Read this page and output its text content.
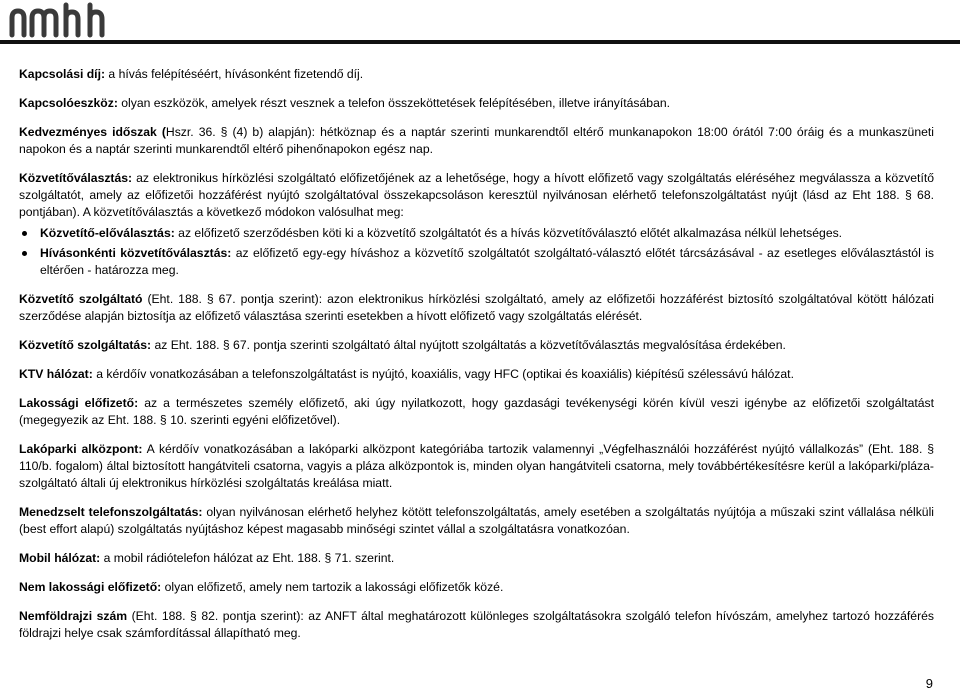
nmhh

Kapcsolási díj: a hívás felépítéséért, hívásonként fizetendő díj.

Kapcsolóeszköz: olyan eszközök, amelyek részt vesznek a telefon összeköttetések felépítésében, illetve irányításában.

Kedvezményes időszak (Hszr. 36. § (4) b) alapján): hétköznap és a naptár szerinti munkarendtől eltérő munkanapokon 18:00 órától 7:00 óráig és a munkaszüneti napokon és a naptár szerinti munkarendtől eltérő pihenőnapokon egész nap.

Közvetítőválasztás: az elektronikus hírközlési szolgáltató előfizetőjének az a lehetősége, hogy a hívott előfizető vagy szolgáltatás eléréséhez megválassza a közvetítő szolgáltatót, amely az előfizetői hozzáférést nyújtó szolgáltatóval összekapcsoláson keresztül nyilvánosan elérhető telefonszolgáltatást nyújt (lásd az Eht 188. § 68. pontjában). A közvetítőválasztás a következő módokon valósulhat meg:

Közvetítő-előválasztás: az előfizető szerződésben köti ki a közvetítő szolgáltatót és a hívás közvetítőválasztó előtét alkalmazása nélkül lehetséges.
Hívásonkénti közvetítőválasztás: az előfizető egy-egy híváshoz a közvetítő szolgáltatót szolgáltató-választó előtét tárcsázásával - az esetleges előválasztástól is eltérően - határozza meg.

Közvetítő szolgáltató (Eht. 188. § 67. pontja szerint): azon elektronikus hírközlési szolgáltató, amely az előfizetői hozzáférést biztosító szolgáltatóval kötött hálózati szerződése alapján biztosítja az előfizető választása szerinti esetekben a hívott előfizető vagy szolgáltatás elérését.

Közvetítő szolgáltatás: az Eht. 188. § 67. pontja szerinti szolgáltató által nyújtott szolgáltatás a közvetítőválasztás megvalósítása érdekében.

KTV hálózat: a kérdőív vonatkozásában a telefonszolgáltatást is nyújtó, koaxiális, vagy HFC (optikai és koaxiális) kiépítésű szélessávú hálózat.

Lakossági előfizető: az a természetes személy előfizető, aki úgy nyilatkozott, hogy gazdasági tevékenységi körén kívül veszi igénybe az előfizetői szolgáltatást (megegyezik az Eht. 188. § 10. szerinti egyéni előfizetővel).

Lakóparki alközpont: A kérdőív vonatkozásában a lakóparki alközpont kategóriába tartozik valamennyi „Végfelhasználói hozzáférést nyújtó vállalkozás” (Eht. 188. § 110/b. fogalom) által biztosított hangátviteli csatorna, vagyis a pláza alközpontok is, minden olyan hangátviteli csatorna, mely továbbértékesítésre kerül a lakóparki/pláza-szolgáltató általi új elektronikus hírközlési szolgáltatás kreálása miatt.

Menedzselt telefonszolgáltatás: olyan nyilvánosan elérhető helyhez kötött telefonszolgáltatás, amely esetében a szolgáltatás nyújtója a műszaki szint vállalása nélküli (best effort alapú) szolgáltatás nyújtáshoz képest magasabb minőségi szintet vállal a szolgáltatásra vonatkozóan.

Mobil hálózat: a mobil rádiótelefon hálózat az Eht. 188. § 71. szerint.

Nem lakossági előfizető: olyan előfizető, amely nem tartozik a lakossági előfizetők közé.

Nemföldrajzi szám (Eht. 188. § 82. pontja szerint): az ANFT által meghatározott különleges szolgáltatásokra szolgáló telefon hívószám, amelyhez tartozó hozzáférés földrajzi helye csak számfordítással állapítható meg.

9
